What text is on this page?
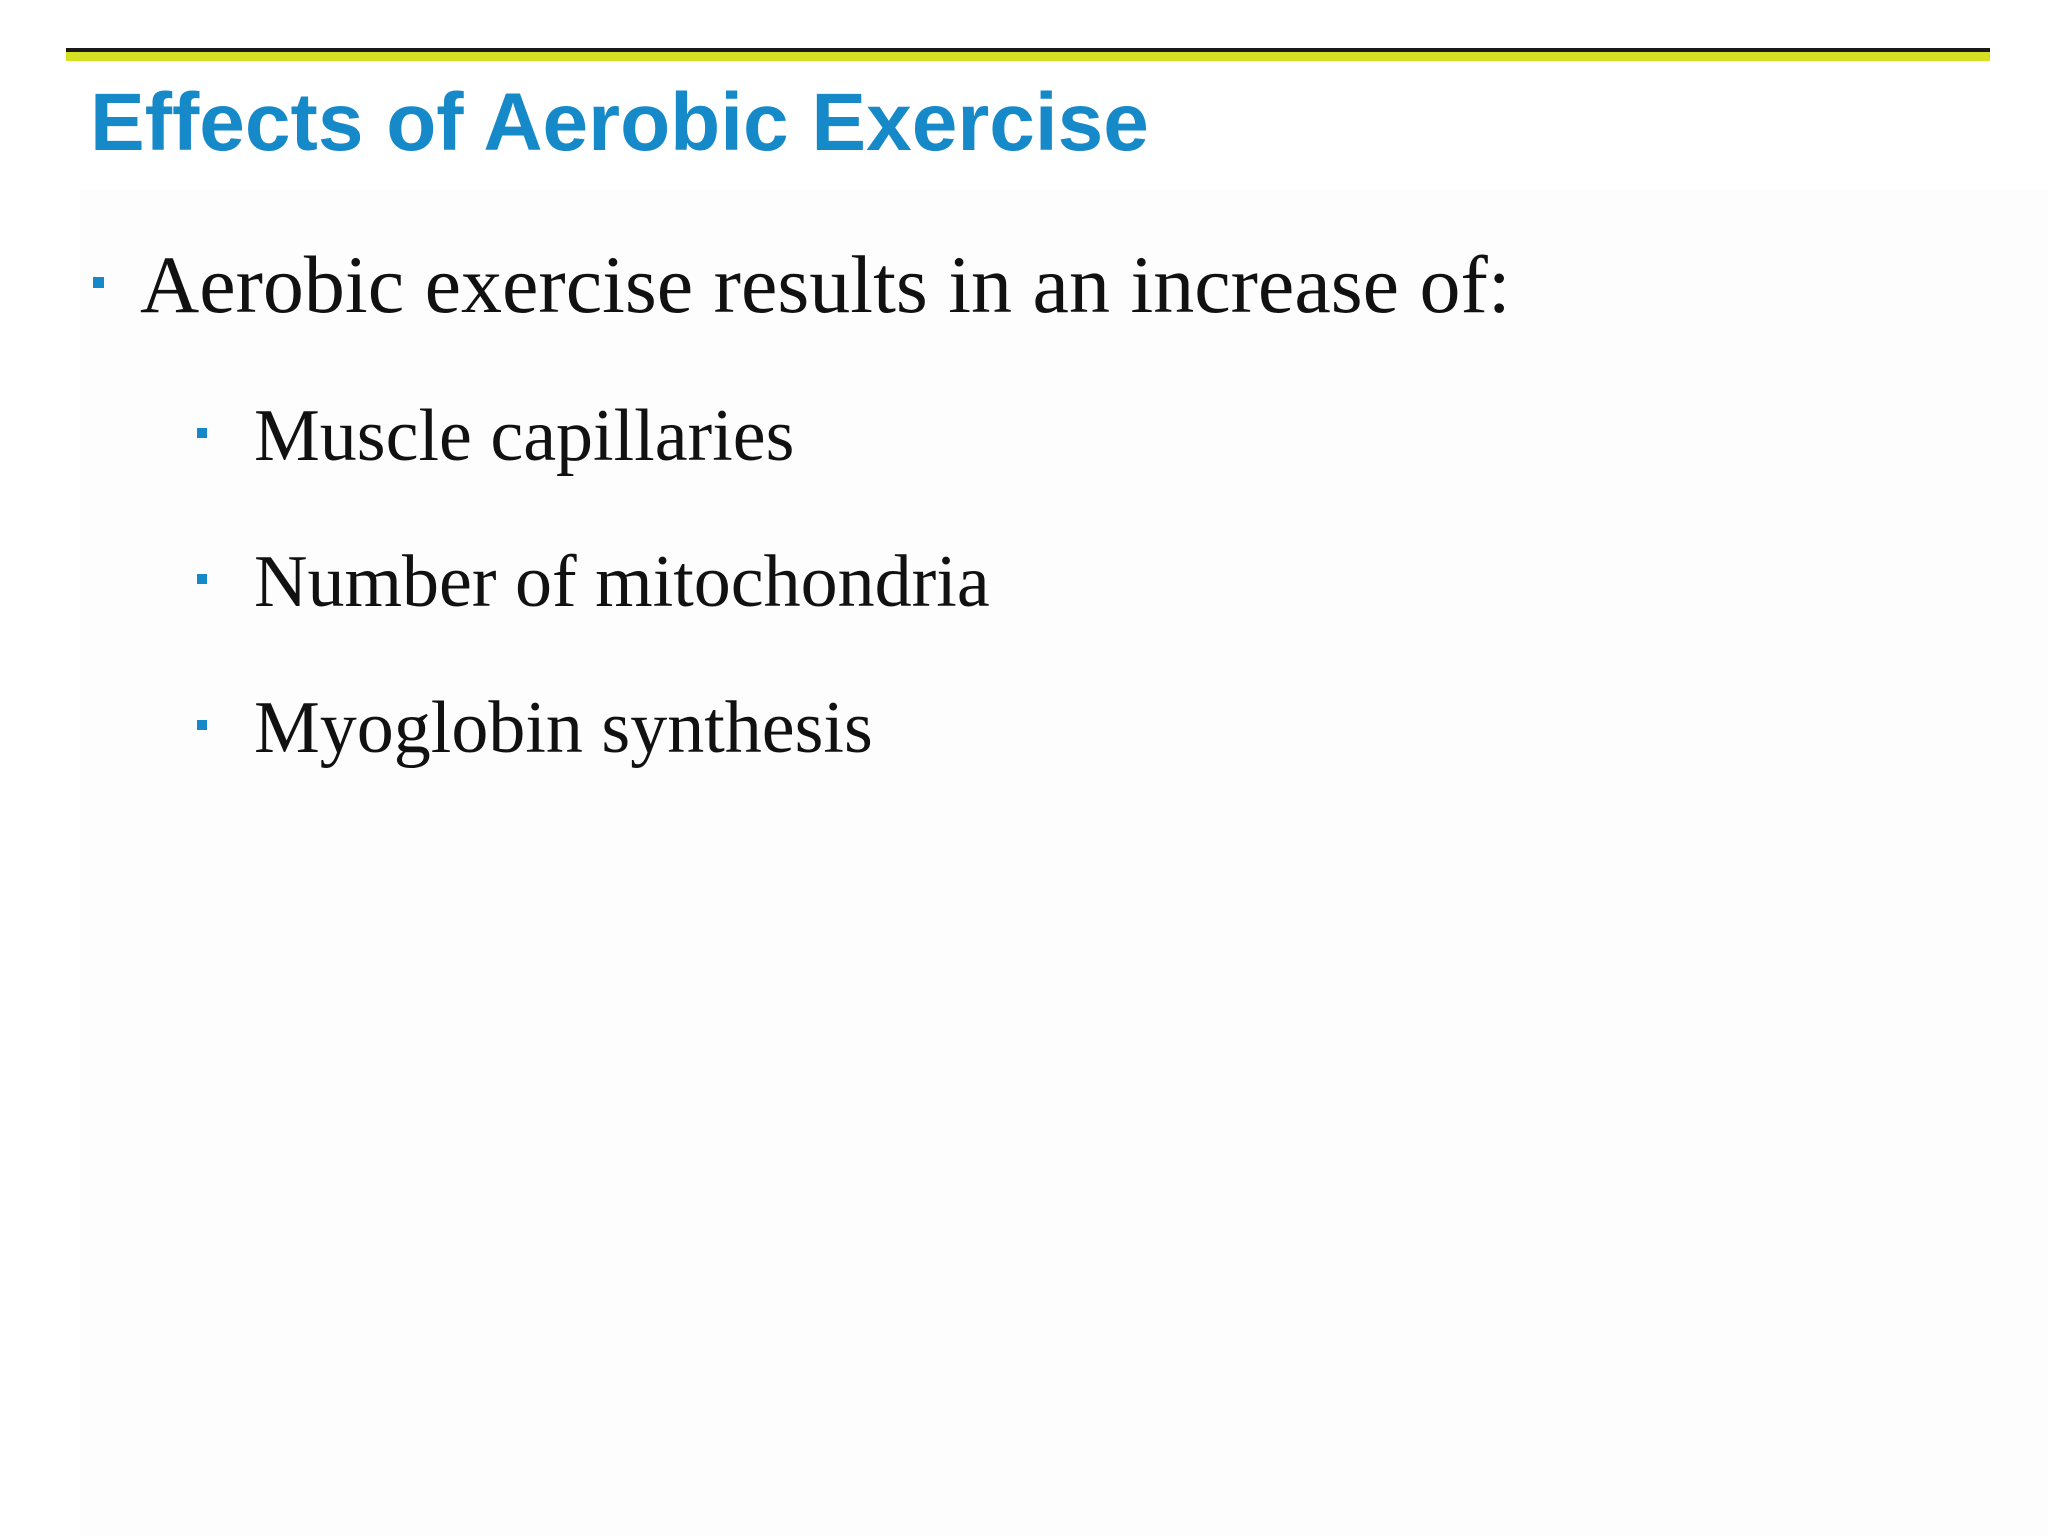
Effects of Aerobic Exercise
Aerobic exercise results in an increase of:
Muscle capillaries
Number of mitochondria
Myoglobin synthesis
